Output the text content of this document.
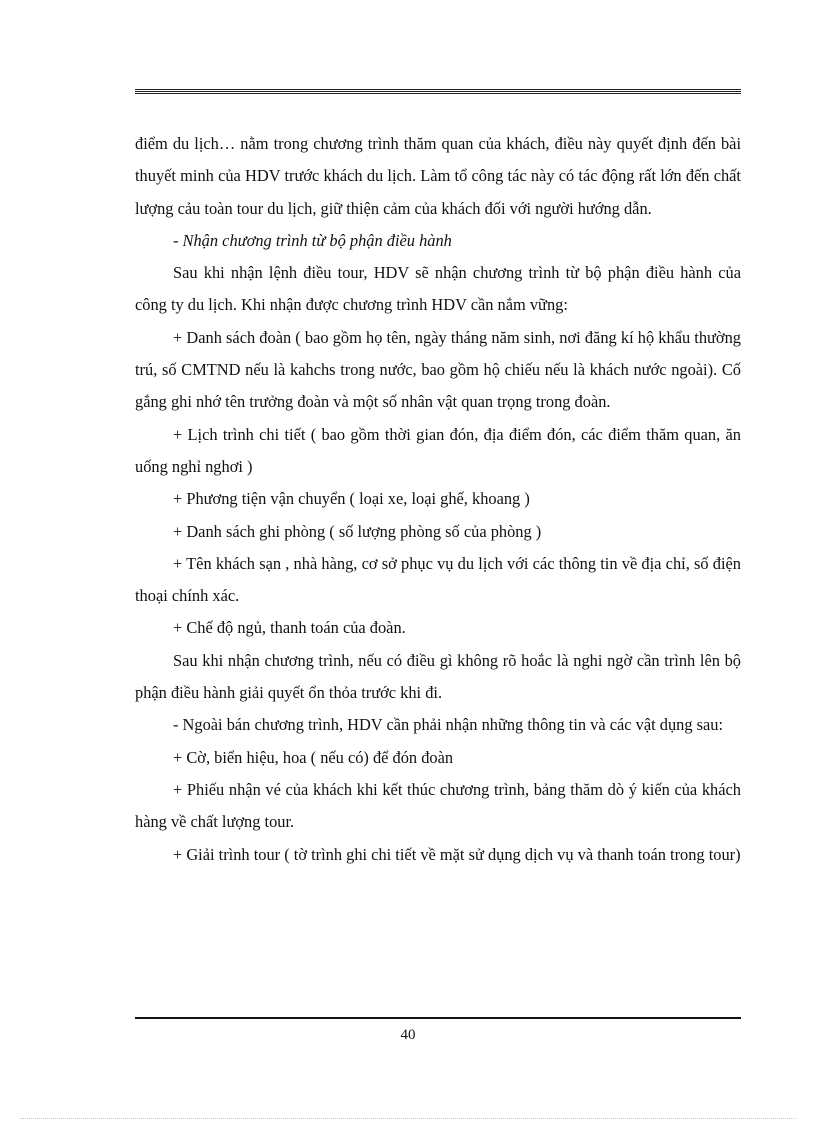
điểm du lịch… nằm trong chương trình thăm quan của khách, điều này quyết định đến bài thuyết minh của HDV trước khách du lịch. Làm tổ công tác này có tác động rất lớn đến chất lượng cảu toàn tour du lịch, giữ thiện cảm của khách đối với người hướng dẫn.

- Nhận chương trình từ bộ phận điều hành

Sau khi nhận lệnh điều tour, HDV sẽ nhận chương trình từ bộ phận điều hành của công ty du lịch. Khi nhận được chương trình HDV cần nắm vững:

+ Danh sách đoàn ( bao gồm họ tên, ngày tháng năm sinh, nơi đăng kí hộ khẩu thường trú, số CMTND nếu là kahchs trong nước, bao gồm hộ chiếu nếu là khách nước ngoài). Cố gắng ghi nhớ tên trưởng đoàn và một số nhân vật quan trọng trong đoàn.

+ Lịch trình chi tiết ( bao gồm thời gian đón, địa điểm đón, các điểm thăm quan, ăn uống nghỉ nghơi )

+ Phương tiện vận chuyển ( loại xe, loại ghế, khoang )

+ Danh sách ghi phòng ( số lượng phòng số của phòng )

+ Tên khách sạn , nhà hàng, cơ sở phục vụ du lịch với các thông tin về địa chỉ, số điện thoại chính xác.

+ Chế độ ngủ, thanh toán của đoàn.

Sau khi nhận chương trình, nếu có điều gì không rõ hoắc là nghi ngờ cần trình lên bộ phận điều hành giải quyết ổn thỏa trước khi đi.

- Ngoài bán chương trình, HDV cần phải nhận những thông tin và các vật dụng sau:

+ Cờ, biển hiệu, hoa ( nếu có) để đón đoàn

+ Phiếu nhận vé của khách khi kết thúc chương trình, bảng thăm dò ý kiến của khách hàng về chất lượng tour.

+ Giải trình tour ( tờ trình ghi chi tiết về mặt sử dụng dịch vụ và thanh toán trong tour)

40
